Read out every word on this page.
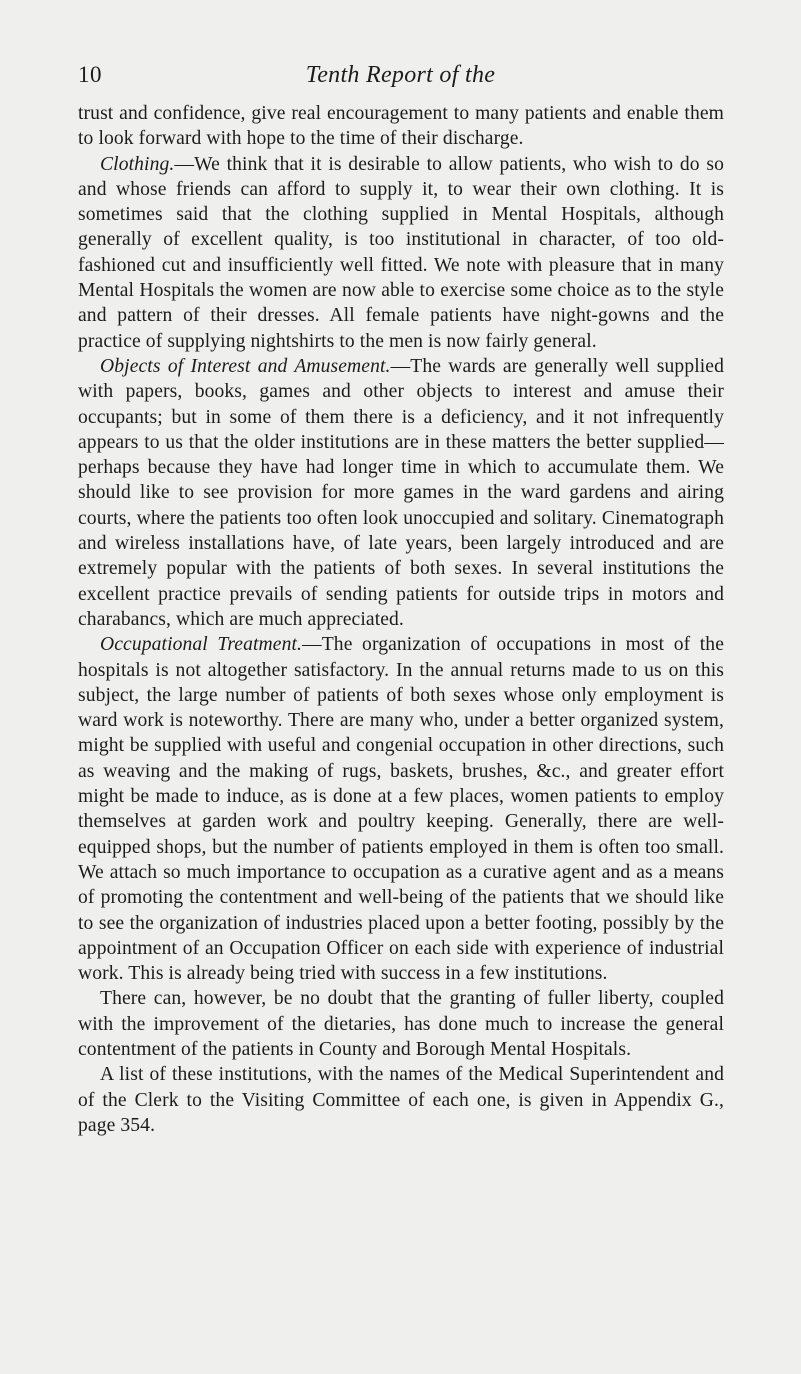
10	Tenth Report of the

trust and confidence, give real encouragement to many patients and enable them to look forward with hope to the time of their discharge.

Clothing.—We think that it is desirable to allow patients, who wish to do so and whose friends can afford to supply it, to wear their own clothing. It is sometimes said that the clothing supplied in Mental Hospitals, although generally of excellent quality, is too institutional in character, of too old-fashioned cut and insufficiently well fitted. We note with pleasure that in many Mental Hospitals the women are now able to exercise some choice as to the style and pattern of their dresses. All female patients have night-gowns and the practice of supplying nightshirts to the men is now fairly general.

Objects of Interest and Amusement.—The wards are generally well supplied with papers, books, games and other objects to interest and amuse their occupants; but in some of them there is a deficiency, and it not infrequently appears to us that the older institutions are in these matters the better supplied—perhaps because they have had longer time in which to accumulate them. We should like to see provision for more games in the ward gardens and airing courts, where the patients too often look unoccupied and solitary. Cinematograph and wireless installations have, of late years, been largely introduced and are extremely popular with the patients of both sexes. In several institutions the excellent practice prevails of sending patients for outside trips in motors and charabancs, which are much appreciated.

Occupational Treatment.—The organization of occupations in most of the hospitals is not altogether satisfactory. In the annual returns made to us on this subject, the large number of patients of both sexes whose only employment is ward work is noteworthy. There are many who, under a better organized system, might be supplied with useful and congenial occupation in other directions, such as weaving and the making of rugs, baskets, brushes, &c., and greater effort might be made to induce, as is done at a few places, women patients to employ themselves at garden work and poultry keeping. Generally, there are well-equipped shops, but the number of patients employed in them is often too small. We attach so much importance to occupation as a curative agent and as a means of promoting the contentment and well-being of the patients that we should like to see the organization of industries placed upon a better footing, possibly by the appointment of an Occupation Officer on each side with experience of industrial work. This is already being tried with success in a few institutions.

There can, however, be no doubt that the granting of fuller liberty, coupled with the improvement of the dietaries, has done much to increase the general contentment of the patients in County and Borough Mental Hospitals.

A list of these institutions, with the names of the Medical Superintendent and of the Clerk to the Visiting Committee of each one, is given in Appendix G., page 354.
